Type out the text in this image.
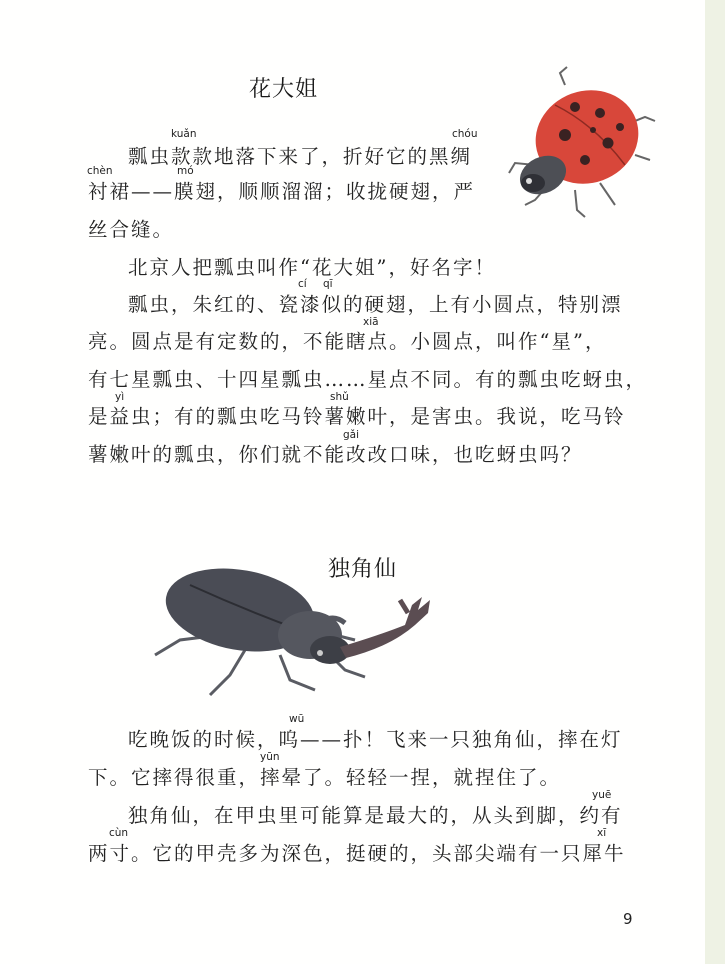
花大姐
瓢虫款款地落下来了，折好它的黑绸
衬裙——膜翅，顺顺溜溜；收拢硬翅，严
丝合缝。
北京人把瓢虫叫作“花大姐”，好名字！
瓢虫，朱红的、瓷漆似的硬翅，上有小圆点，特别漂
亮。圆点是有定数的，不能瞎点。小圆点，叫作“星”，
有七星瓢虫、十四星瓢虫……星点不同。有的瓢虫吃蚜虫，
是益虫；有的瓢虫吃马铃薯嫩叶，是害虫。我说，吃马铃
薯嫩叶的瓢虫，你们就不能改改口味，也吃蚜虫吗？
kuǎn	chóu
chèn	mó
cí qī
xiā
yì	shǔ
gǎi
独角仙
吃晚饭的时候，呜——扑！飞来一只独角仙，摔在灯
下。它摔得很重，摔晕了。轻轻一捏，就捏住了。
独角仙，在甲虫里可能算是最大的，从头到脚，约有
两寸。它的甲壳多为深色，挺硬的，头部尖端有一只犀牛
wū
yūn
yuē
cùn	xī
9
